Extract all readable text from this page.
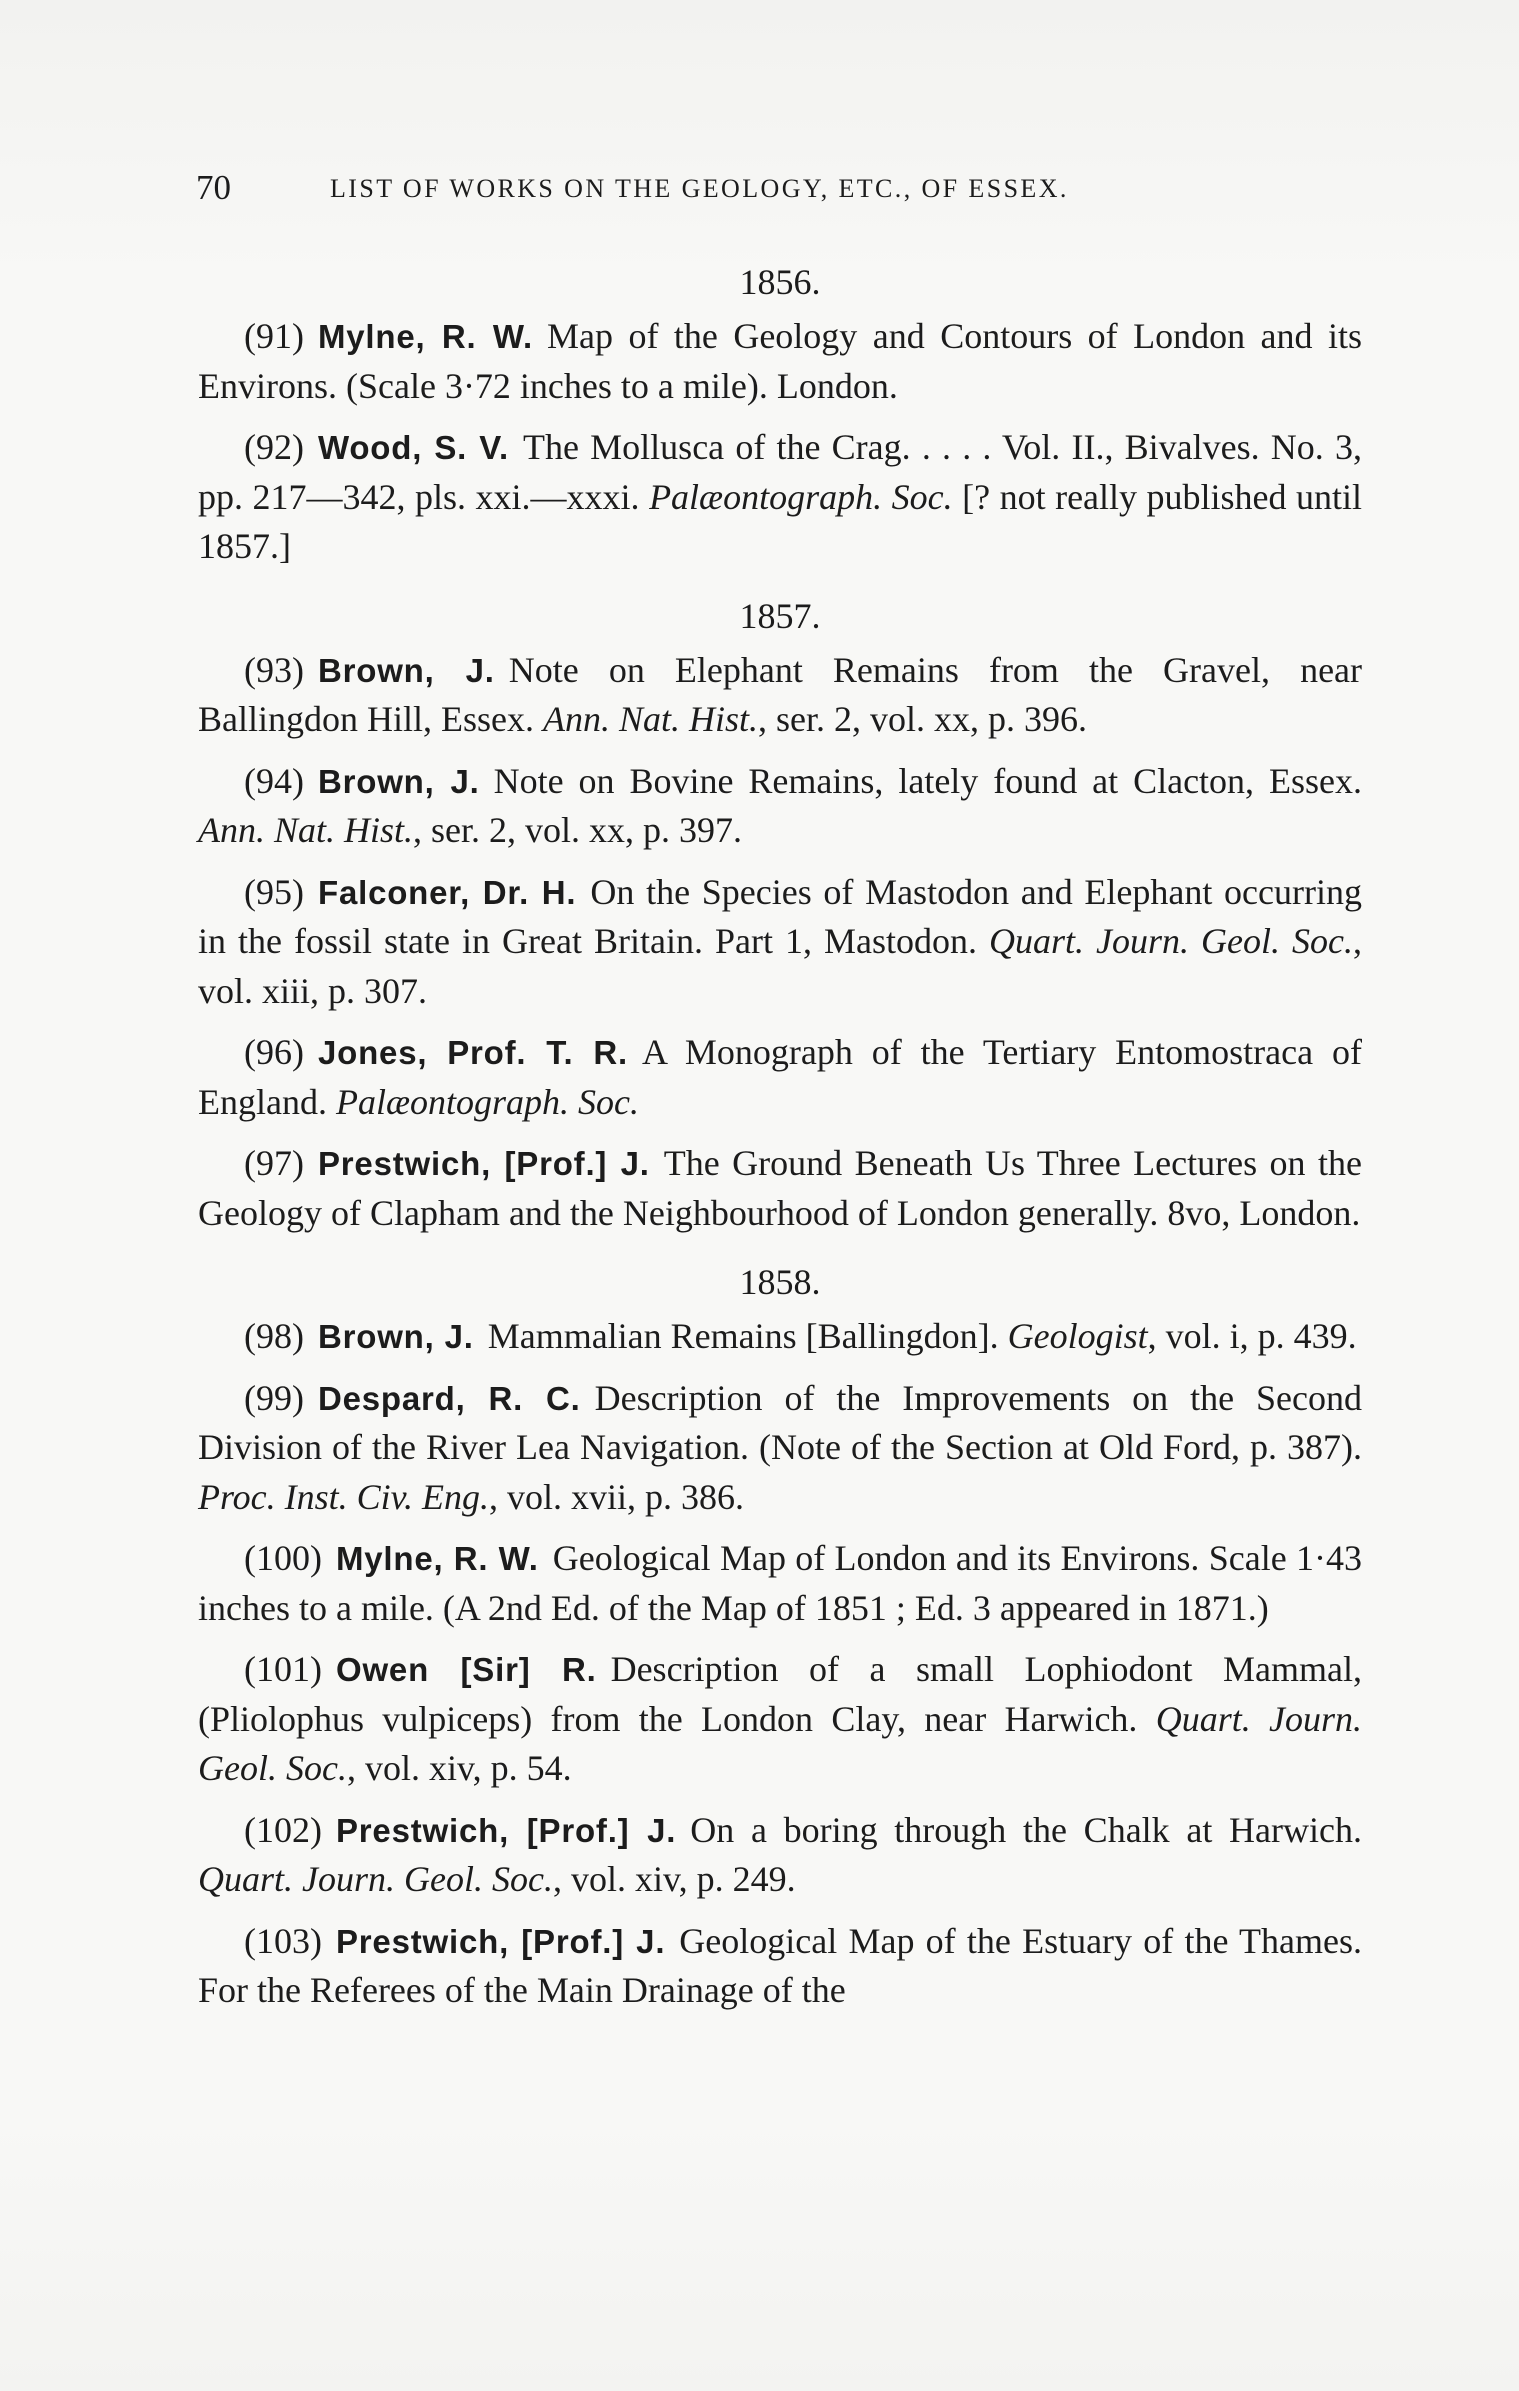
70	LIST OF WORKS ON THE GEOLOGY, ETC., OF ESSEX.
1856.

(91) Mylne, R. W. Map of the Geology and Contours of London and its Environs. (Scale 3·72 inches to a mile). London.

(92) Wood, S. V. The Mollusca of the Crag. . . . . Vol. II., Bivalves. No. 3, pp. 217—342, pls. xxi.—xxxi. Palæontograph. Soc. [? not really published until 1857.]

1857.

(93) Brown, J. Note on Elephant Remains from the Gravel, near Ballingdon Hill, Essex. Ann. Nat. Hist., ser. 2, vol. xx, p. 396.

(94) Brown, J. Note on Bovine Remains, lately found at Clacton, Essex. Ann. Nat. Hist., ser. 2, vol. xx, p. 397.

(95) Falconer, Dr. H. On the Species of Mastodon and Elephant occurring in the fossil state in Great Britain. Part 1, Mastodon. Quart. Journ. Geol. Soc., vol. xiii, p. 307.

(96) Jones, Prof. T. R. A Monograph of the Tertiary Entomostraca of England. Palæontograph. Soc.

(97) Prestwich, [Prof.] J. The Ground Beneath Us Three Lectures on the Geology of Clapham and the Neighbourhood of London generally. 8vo, London.

1858.

(98) Brown, J. Mammalian Remains [Ballingdon]. Geologist, vol. i, p. 439.

(99) Despard, R. C. Description of the Improvements on the Second Division of the River Lea Navigation. (Note of the Section at Old Ford, p. 387). Proc. Inst. Civ. Eng., vol. xvii, p. 386.

(100) Mylne, R. W. Geological Map of London and its Environs. Scale 1·43 inches to a mile. (A 2nd Ed. of the Map of 1851 ; Ed. 3 appeared in 1871.)

(101) Owen [Sir] R. Description of a small Lophiodont Mammal, (Pliolophus vulpiceps) from the London Clay, near Harwich. Quart. Journ. Geol. Soc., vol. xiv, p. 54.

(102) Prestwich, [Prof.] J. On a boring through the Chalk at Harwich. Quart. Journ. Geol. Soc., vol. xiv, p. 249.

(103) Prestwich, [Prof.] J. Geological Map of the Estuary of the Thames. For the Referees of the Main Drainage of the
